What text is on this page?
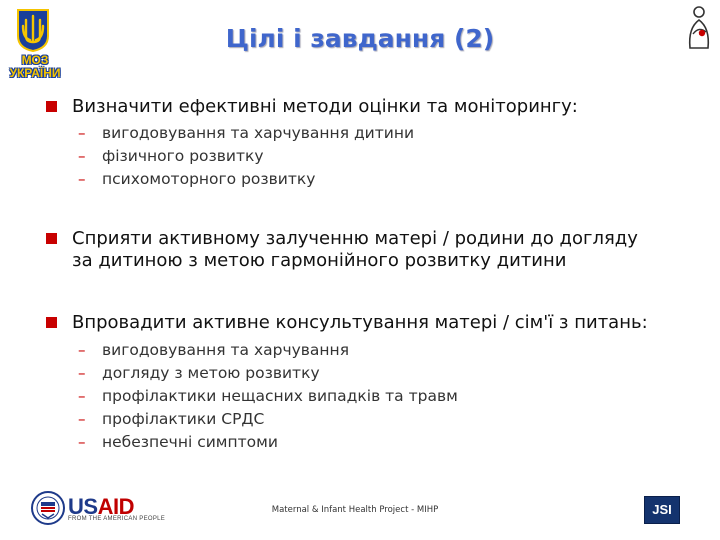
МОЗ
УКРАЇНИ
Цілі і завдання (2)
Визначити ефективні методи оцінки та моніторингу:
– вигодовування та харчування дитини
– фізичного розвитку
– психомоторного розвитку
Сприяти активному залученню матері / родини до догляду
за дитиною з метою гармонійного розвитку дитини
Впровадити активне консультування матері / сім'ї з питань:
– вигодовування та харчування
– догляду з метою розвитку
– профілактики нещасних випадків та травм
– профілактики СРДС
– небезпечні симптоми
USAID
FROM THE AMERICAN PEOPLE
Maternal & Infant Health Project - MIHP	JSI
